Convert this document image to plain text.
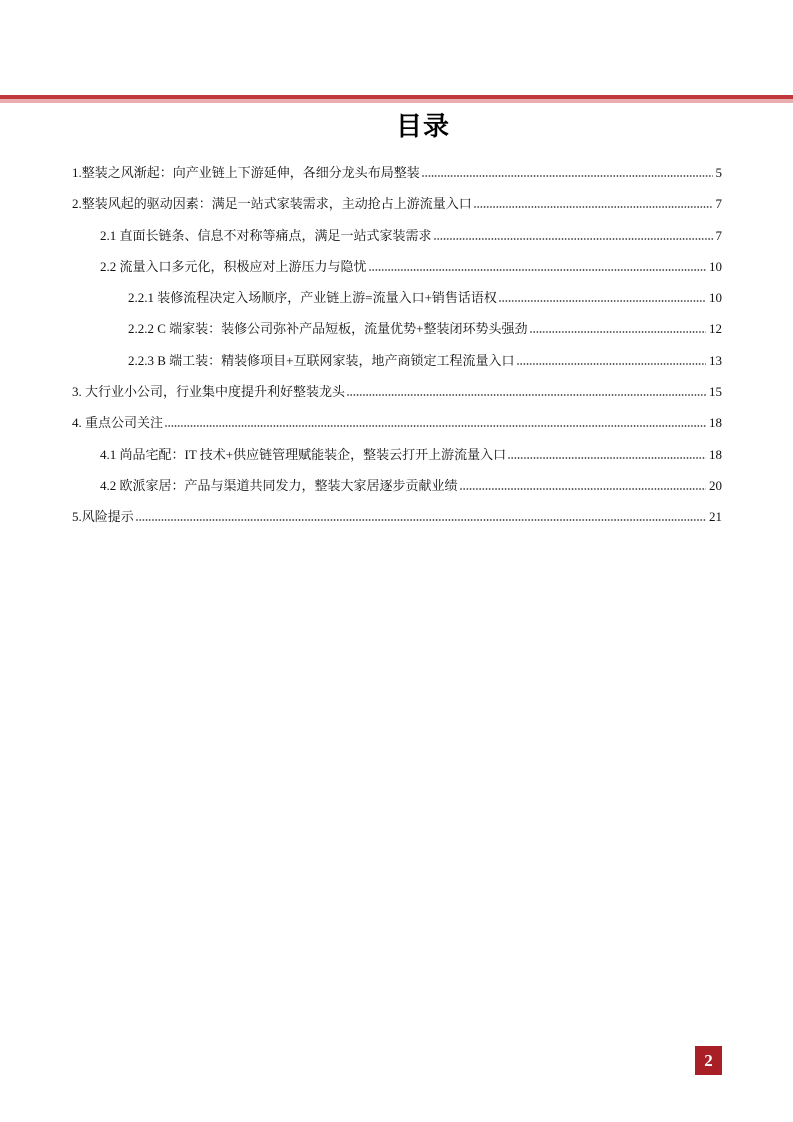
目录
1.整装之风渐起：向产业链上下游延伸，各细分龙头布局整装	5
2.整装风起的驱动因素：满足一站式家装需求，主动抢占上游流量入口	7
2.1 直面长链条、信息不对称等痛点，满足一站式家装需求	7
2.2 流量入口多元化，积极应对上游压力与隐忧	10
2.2.1 装修流程决定入场顺序，产业链上游=流量入口+销售话语权	10
2.2.2 C 端家装：装修公司弥补产品短板，流量优势+整装闭环势头强劲	12
2.2.3 B 端工装：精装修项目+互联网家装，地产商锁定工程流量入口	13
3. 大行业小公司，行业集中度提升利好整装龙头	15
4. 重点公司关注	18
4.1 尚品宅配：IT 技术+供应链管理赋能装企，整装云打开上游流量入口	18
4.2 欧派家居：产品与渠道共同发力，整装大家居逐步贡献业绩	20
5.风险提示	21
2
